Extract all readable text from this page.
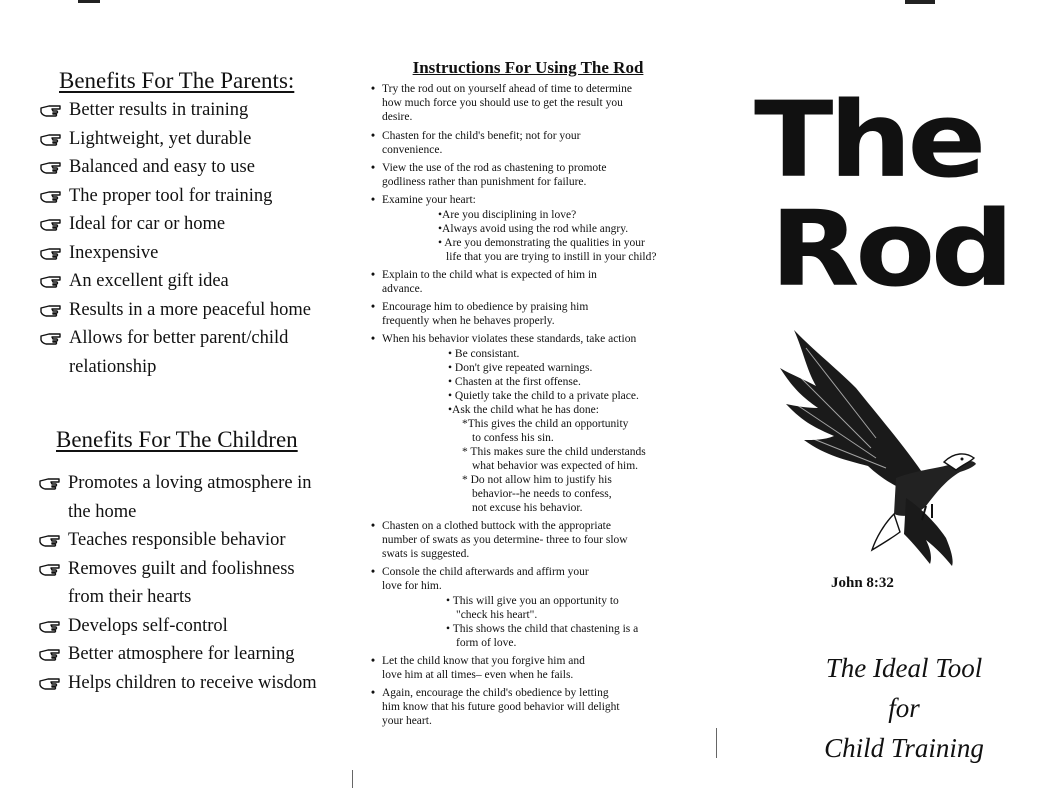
Benefits For The Parents:
Better results in training
Lightweight, yet durable
Balanced and easy to use
The proper tool for training
Ideal for car or home
Inexpensive
An excellent gift idea
Results in a more peaceful home
Allows for better parent/child
relationship
Benefits For The Children
Promotes a loving atmosphere in
the home
Teaches responsible behavior
Removes guilt and foolishness
from their hearts
Develops self-control
Better atmosphere for learning
Helps children to receive wisdom
Instructions For Using The Rod
• Try the rod out on yourself ahead of time to determine
how much force you should use to get the result you
desire.
• Chasten for the child's benefit; not for your
convenience.
• View the use of the rod as chastening to promote
godliness rather than punishment for failure.
• Examine your heart:
•Are you disciplining in love?
•Always avoid using the rod while angry.
• Are you demonstrating the qualities in your
life that you are trying to instill in your child?
• Explain to the child what is expected of him in
advance.
• Encourage him to obedience by praising him
frequently when he behaves properly.
• When his behavior violates these standards, take action
• Be consistant.
• Don't give repeated warnings.
• Chasten at the first offense.
• Quietly take the child to a private place.
•Ask the child what he has done:
*This gives the child an opportunity
to confess his sin.
* This makes sure the child understands
what behavior was expected of him.
* Do not allow him to justify his
behavior--he needs to confess,
not excuse his behavior.
• Chasten on a clothed buttock with the appropriate
number of swats as you determine- three to four slow
swats is suggested.
• Console the child afterwards and affirm your
love for him.
• This will give you an opportunity to
"check his heart".
• This shows the child that chastening is a
form of love.
• Let the child know that you forgive him and
love him at all times– even when he fails.
• Again, encourage the child's obedience by letting
him know that his future good behavior will delight
your heart.
The
Rod
John 8:32
The Ideal Tool
for
Child Training
